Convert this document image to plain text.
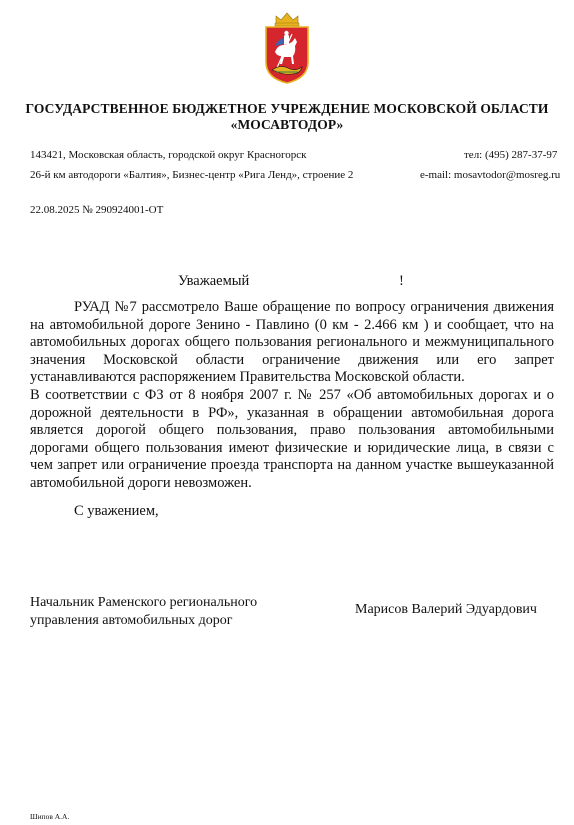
ГОСУДАРСТВЕННОЕ БЮДЖЕТНОЕ УЧРЕЖДЕНИЕ МОСКОВСКОЙ ОБЛАСТИ
«МОСАВТОДОР»
143421, Московская область, городской округ Красногорск
26-й км автодороги «Балтия», Бизнес-центр «Рига Ленд», строение 2
тел: (495) 287-37-97
e-mail: mosavtodor@mosreg.ru
22.08.2025 № 290924001-ОТ
Уважаемый	!

РУАД №7 рассмотрело Ваше обращение по вопросу ограничения движения на автомобильной дороге Зенино - Павлино (0 км - 2.466 км ) и сообщает, что на автомобильных дорогах общего пользования регионального и межмуниципального значения Московской области ограничение движения или его запрет устанавливаются распоряжением Правительства Московской области.

В соответствии с ФЗ от 8 ноября 2007 г. № 257 «Об автомобильных дорогах и о дорожной деятельности в РФ», указанная в обращении автомобильная дорога является дорогой общего пользования, право пользования автомобильными дорогами общего пользования имеют физические и юридические лица, в связи с чем запрет или ограничение проезда транспорта на данном участке вышеуказанной автомобильной дороги невозможен.

С уважением,
Начальник Раменского регионального
управления автомобильных дорог
Марисов Валерий Эдуардович
Шипов А.А.
